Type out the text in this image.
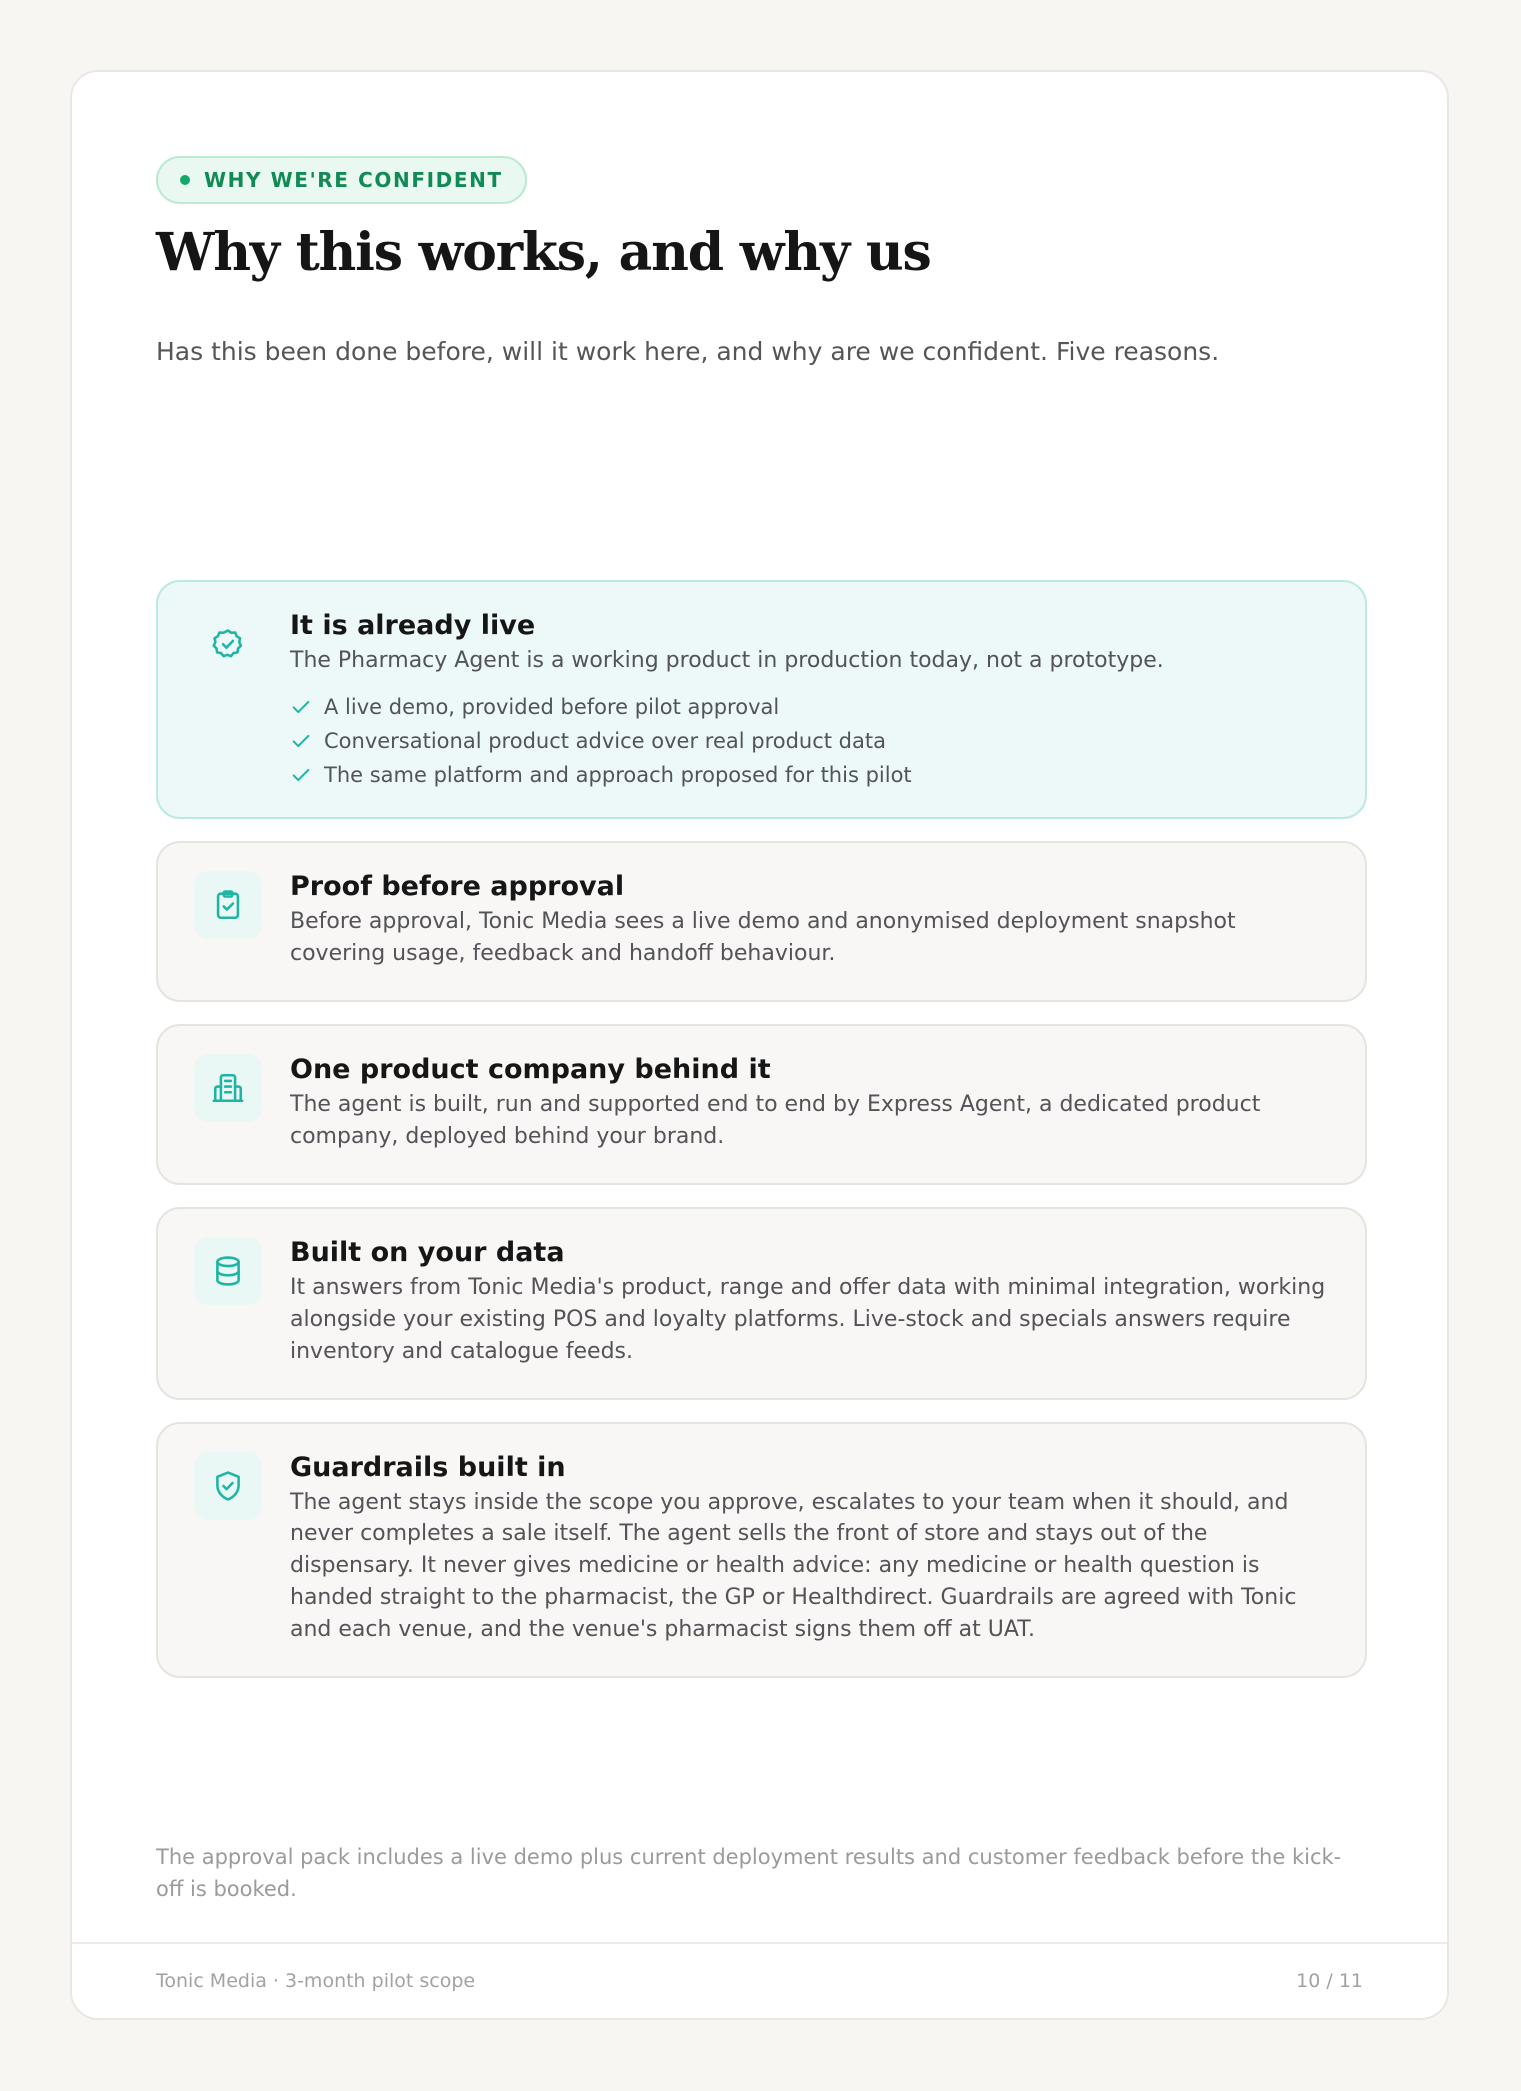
WHY WE'RE CONFIDENT
Why this works, and why us

Has this been done before, will it work here, and why are we confident. Five reasons.

It is already live

The Pharmacy Agent is a working product in production today, not a prototype.

A live demo, provided before pilot approval
Conversational product advice over real product data
The same platform and approach proposed for this pilot
Proof before approval

Before approval, Tonic Media sees a live demo and anonymised deployment snapshot covering usage, feedback and handoff behaviour.

One product company behind it

The agent is built, run and supported end to end by Express Agent, a dedicated product company, deployed behind your brand.

Built on your data

It answers from Tonic Media's product, range and offer data with minimal integration, working alongside your existing POS and loyalty platforms. Live-stock and specials answers require inventory and catalogue feeds.

Guardrails built in

The agent stays inside the scope you approve, escalates to your team when it should, and never completes a sale itself. The agent sells the front of store and stays out of the dispensary. It never gives medicine or health advice: any medicine or health question is handed straight to the pharmacist, the GP or Healthdirect. Guardrails are agreed with Tonic and each venue, and the venue's pharmacist signs them off at UAT.

The approval pack includes a live demo plus current deployment results and customer feedback before the kick-off is booked.

Tonic Media · 3-month pilot scope	10 / 11
